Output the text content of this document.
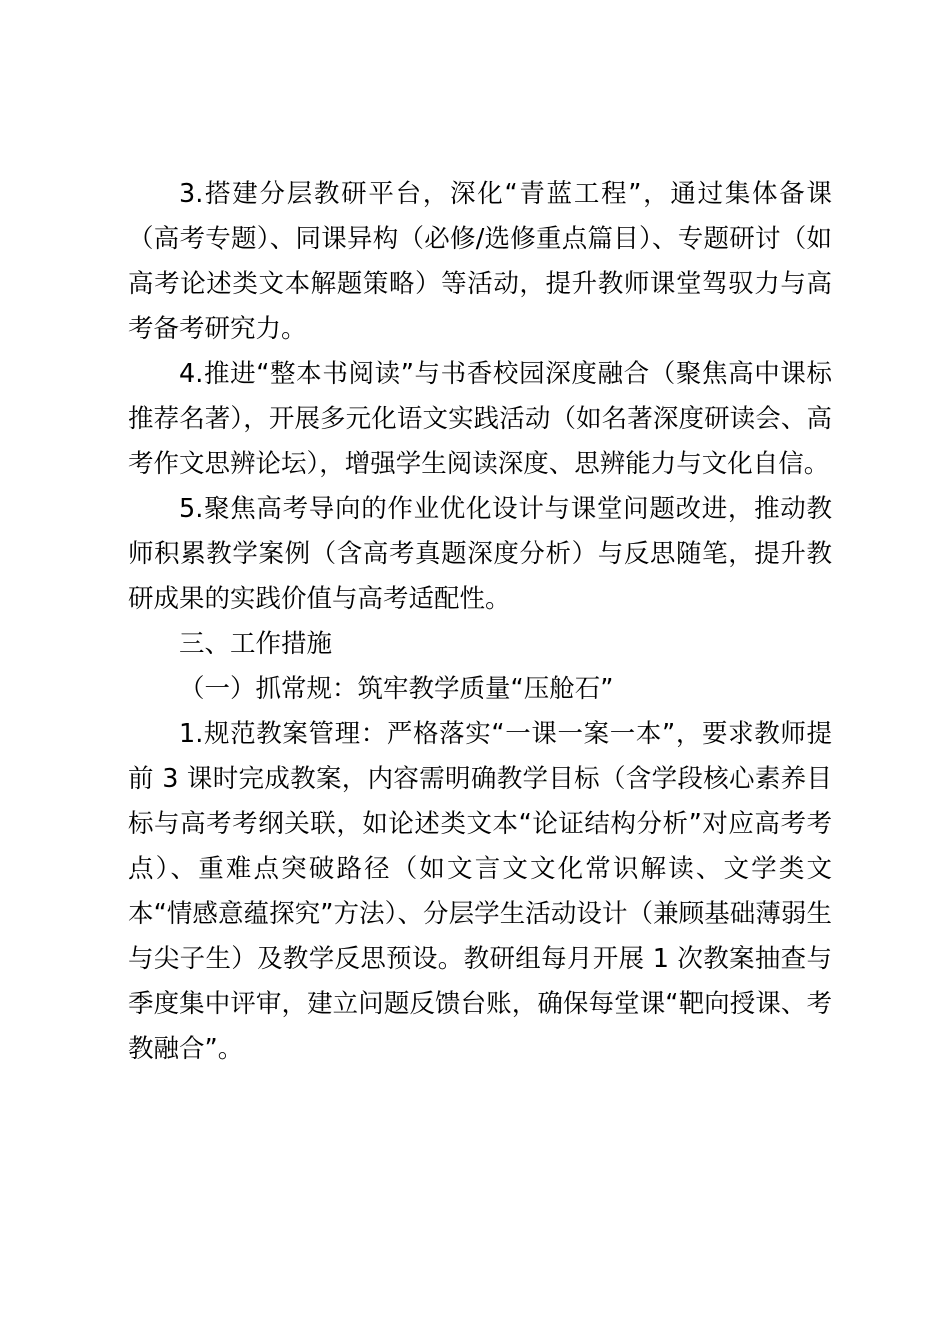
3.搭建分层教研平台，深化“青蓝工程”，通过集体备课（高考专题）、同课异构（必修/选修重点篇目）、专题研讨（如高考论述类文本解题策略）等活动，提升教师课堂驾驭力与高考备考研究力。

4.推进“整本书阅读”与书香校园深度融合（聚焦高中课标推荐名著），开展多元化语文实践活动（如名著深度研读会、高考作文思辨论坛），增强学生阅读深度、思辨能力与文化自信。

5.聚焦高考导向的作业优化设计与课堂问题改进，推动教师积累教学案例（含高考真题深度分析）与反思随笔，提升教研成果的实践价值与高考适配性。

三、工作措施

（一）抓常规：筑牢教学质量“压舱石”

1.规范教案管理：严格落实“一课一案一本”，要求教师提前 3 课时完成教案，内容需明确教学目标（含学段核心素养目标与高考考纲关联，如论述类文本“论证结构分析”对应高考考点）、重难点突破路径（如文言文文化常识解读、文学类文本“情感意蕴探究”方法）、分层学生活动设计（兼顾基础薄弱生与尖子生）及教学反思预设。教研组每月开展 1 次教案抽查与季度集中评审，建立问题反馈台账，确保每堂课“靶向授课、考教融合”。
